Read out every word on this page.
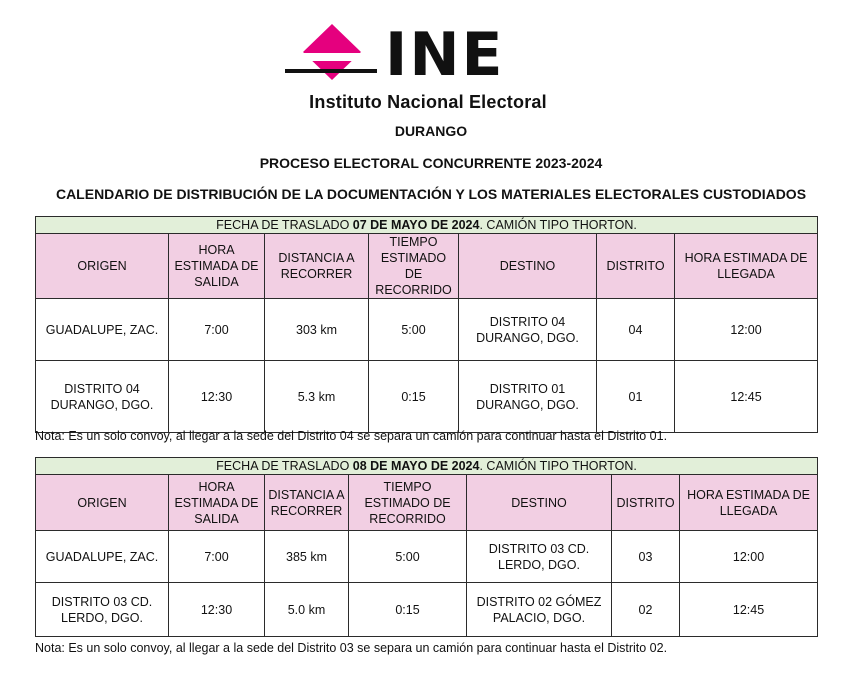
INE
Instituto Nacional Electoral
DURANGO
PROCESO ELECTORAL CONCURRENTE 2023-2024
CALENDARIO DE DISTRIBUCIÓN DE LA DOCUMENTACIÓN Y LOS MATERIALES ELECTORALES CUSTODIADOS
FECHA DE TRASLADO 07 DE MAYO DE 2024. CAMIÓN TIPO THORTON.						
ORIGEN	HORA ESTIMADA DE SALIDA	DISTANCIA A RECORRER	TIEMPO ESTIMADO DE RECORRIDO	DESTINO	DISTRITO	HORA ESTIMADA DE LLEGADA
GUADALUPE, ZAC.	7:00	303 km	5:00	DISTRITO 04 DURANGO, DGO.	04	12:00
DISTRITO 04 DURANGO, DGO.	12:30	5.3 km	0:15	DISTRITO 01 DURANGO, DGO.	01	12:45
Nota: Es un solo convoy, al llegar a la sede del Distrito 04 se separa un camión para continuar hasta el Distrito 01.
FECHA DE TRASLADO 08 DE MAYO DE 2024. CAMIÓN TIPO THORTON.						
ORIGEN	HORA ESTIMADA DE SALIDA	DISTANCIA A RECORRER	TIEMPO ESTIMADO DE RECORRIDO	DESTINO	DISTRITO	HORA ESTIMADA DE LLEGADA
GUADALUPE, ZAC.	7:00	385 km	5:00	DISTRITO 03 CD. LERDO, DGO.	03	12:00
DISTRITO 03 CD. LERDO, DGO.	12:30	5.0 km	0:15	DISTRITO 02 GÓMEZ PALACIO, DGO.	02	12:45
Nota: Es un solo convoy, al llegar a la sede del Distrito 03 se separa un camión para continuar hasta el Distrito 02.
